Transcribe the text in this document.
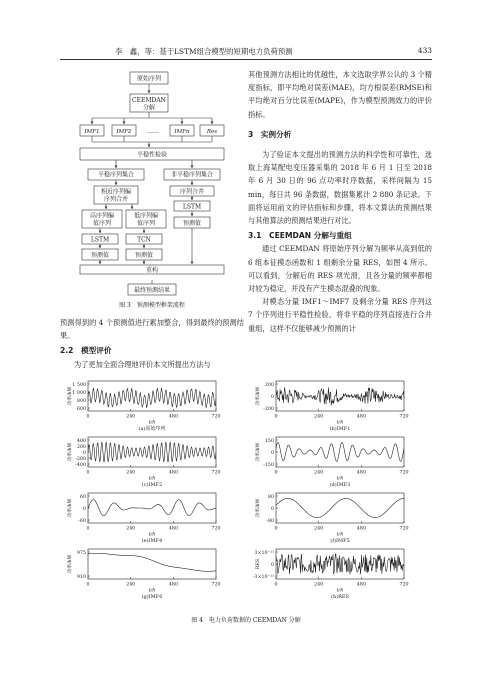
李　鑫，等：基于LSTM组合模型的短期电力负荷预测	433
原始序列
CEEMDAN
分解
IMF1	IMF2	……	IMFn	Res
平稳性检验
平稳序列集合	非平稳序列集合
相近序列编
序列合并
序列合并
LSTM
高序列编
值序列
低序列编
值序列	预测值
LSTM	TCN
预测值	预测值
重构
最终预测结果
图 3　预测模型框架流程

预测得到的 4 个预测值进行累加整合，得到最终的预测结果。

2.2　模型评价

为了更加全面合理地评价本文所提出方法与

其他预测方法相比的优越性，本文选取学界公认的 3 个精度指标，即平均绝对误差(MAE)，均方根误差(RMSE)和平均绝对百分比误差(MAPE)，作为模型预测效力的评价指标。

3　实例分析

为了验证本文提出的预测方法的科学性和可靠性，选取上海某配电变压器采集的 2018 年 6 月 1 日至 2018 年 6 月 30 日的 96 点功率时序数据，采样间隔为 15 min，每日共 96 条数据，数据集累计 2 880 条记录。下面将运用前文的评估指标和步骤，将本文算法的预测结果与其他算法的预测结果进行对比。

3.1　CEEMDAN 分解与重组

通过 CEEMDAN 将原始序列分解为频率从高到低的 6 组本征模态函数和 1 组剩余分量 RES，如图 4 所示。可以看到，分解后的 RES 项光滑，且各分量的频率都相对较为稳定，并没有产生模态混叠的现象。

对模态分量 IMF1～IMF7 及剩余分量 RES 序列这 7 个序列进行平稳性检验，将非平稳的序列直接进行合并重组，这样不仅能够减少预测的计

1 500
1 000
800
600
0	240	480	720
t/h
(a)原始序列
功率/kW
200
0
-200
0	240	480	720
t/h
(b)IMF1
功率/kW
400
200
0
-200
-400
0	240	480	720
t/h
(c)IMF2
功率/kW
150
0
-150
0	240	480	720
t/h
(d)IMF3
功率/kW
60
0
-60
0	240	480	720
t/h
(e)IMF4
功率/kW
80
0
-80
0	240	480	720
t/h
(f)IMF5
功率/kW
975
910
0	240	480	720
t/h
(g)IMF6
功率/kW
3×10⁻¹¹
0
-3×10⁻¹¹
0	240	480	720
t/h
(h)RES
RES
图 4　电力负荷数据的 CEEMDAN 分解
